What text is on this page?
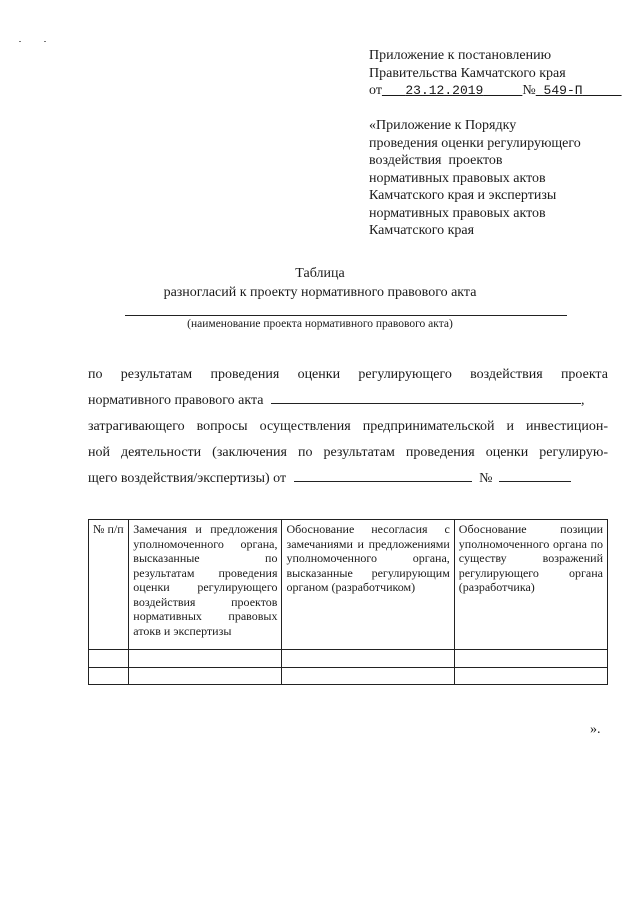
Приложение к постановлению
Правительства Камчатского края
от 23.12.2019	№ 549-П
«Приложение к Порядку
проведения оценки регулирующего
воздействия  проектов
нормативных правовых актов
Камчатского края и экспертизы
нормативных правовых актов
Камчатского края
Таблица
разногласий к проекту нормативного правового акта
(наименование проекта нормативного правового акта)
по результатам проведения оценки регулирующего воздействия проекта
нормативного правового акта	,
затрагивающего вопросы осуществления предпринимательской и инвестицион-
ной деятельности (заключения по результатам проведения оценки регулирую-
щего воздействия/экспертизы) от	№
№ п/п	Замечания и предложения уполномоченного органа, высказанные по результатам проведения оценки регулирующего воздействия проектов нормативных правовых атокв и экспертизы	Обоснование несогласия с замечаниями и предложениями уполномоченного органа, высказанные регулирующим органом (разработчиком)	Обоснование позиции уполномоченного органа по существу возражений регулирующего органа (разработчика)

».
